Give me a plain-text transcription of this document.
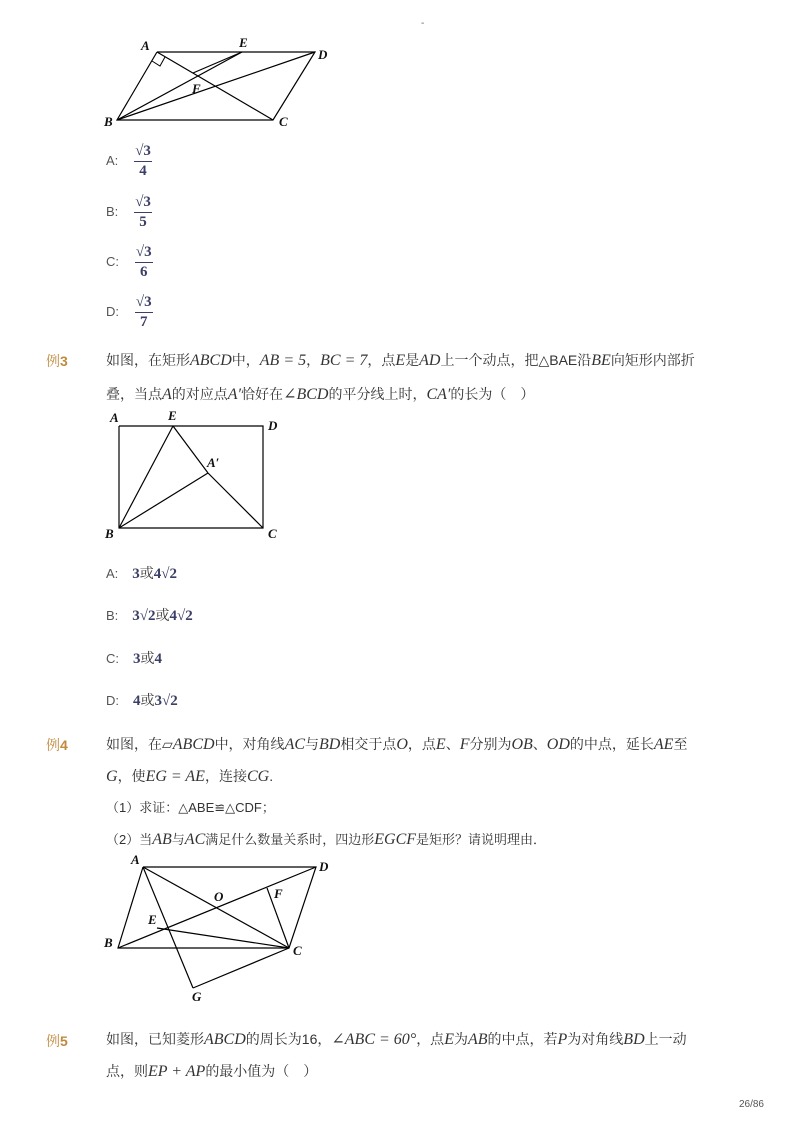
-
A	E
D
F
B	C
A: $\frac{√3}{4}$
B: $\frac{√3}{5}$
C: $\frac{√3}{6}$
D: $\frac{√3}{7}$
例3	如图，在矩形ABCD中，AB = 5，BC = 7，点E是AD上一个动点，把△BAE沿BE向矩形内部折
叠，当点A的对应点A′恰好在∠BCD的平分线上时，CA′的长为（　）
A	E
D
A′
B	C
A: 3或4√2
B: 3√2或4√2
C: 3或4
D: 4或3√2
例4	如图，在▱ABCD中，对角线AC与BD相交于点O，点E、F分别为OB、OD的中点，延长AE至
G，使EG = AE，连接CG.
（1）求证：△ABE≌△CDF；
（2）当AB与AC满足什么数量关系时，四边形EGCF是矩形？请说明理由．
A	D
O	F
E
B
C
G
例5	如图，已知菱形ABCD的周长为16，∠ABC = 60°，点E为AB的中点，若P为对角线BD上一动
点，则EP + AP的最小值为（　）
26/86
